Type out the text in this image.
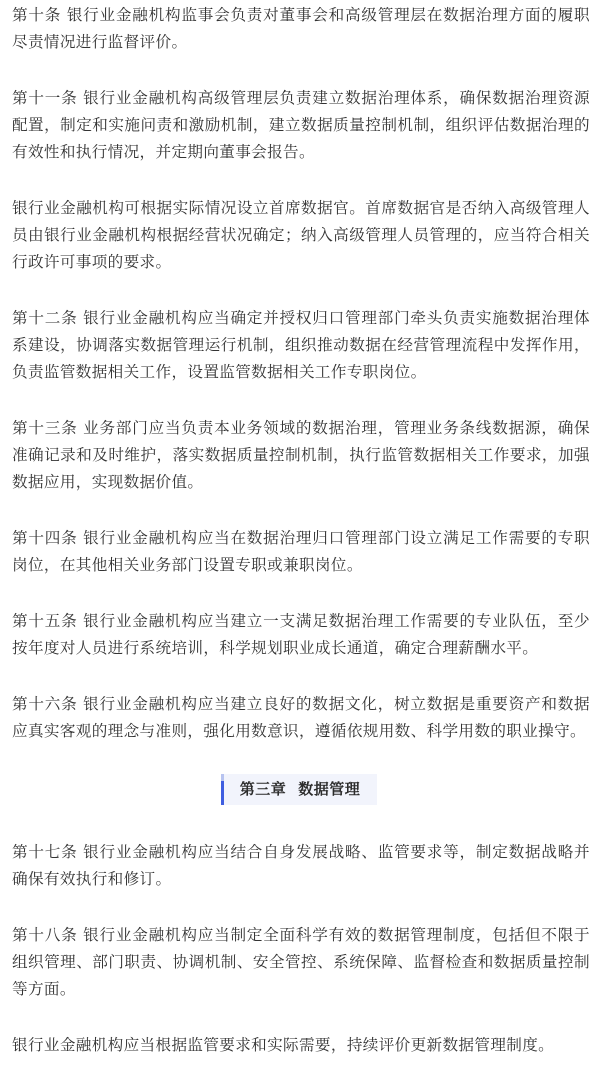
第十条 银行业金融机构监事会负责对董事会和高级管理层在数据治理方面的履职尽责情况进行监督评价。

第十一条 银行业金融机构高级管理层负责建立数据治理体系，确保数据治理资源配置，制定和实施问责和激励机制，建立数据质量控制机制，组织评估数据治理的有效性和执行情况，并定期向董事会报告。

银行业金融机构可根据实际情况设立首席数据官。首席数据官是否纳入高级管理人员由银行业金融机构根据经营状况确定；纳入高级管理人员管理的，应当符合相关行政许可事项的要求。

第十二条 银行业金融机构应当确定并授权归口管理部门牵头负责实施数据治理体系建设，协调落实数据管理运行机制，组织推动数据在经营管理流程中发挥作用，负责监管数据相关工作，设置监管数据相关工作专职岗位。

第十三条 业务部门应当负责本业务领域的数据治理，管理业务条线数据源，确保准确记录和及时维护，落实数据质量控制机制，执行监管数据相关工作要求，加强数据应用，实现数据价值。

第十四条 银行业金融机构应当在数据治理归口管理部门设立满足工作需要的专职岗位，在其他相关业务部门设置专职或兼职岗位。

第十五条 银行业金融机构应当建立一支满足数据治理工作需要的专业队伍，至少按年度对人员进行系统培训，科学规划职业成长通道，确定合理薪酬水平。

第十六条 银行业金融机构应当建立良好的数据文化，树立数据是重要资产和数据应真实客观的理念与准则，强化用数意识，遵循依规用数、科学用数的职业操守。

第三章 数据管理

第十七条 银行业金融机构应当结合自身发展战略、监管要求等，制定数据战略并确保有效执行和修订。

第十八条 银行业金融机构应当制定全面科学有效的数据管理制度，包括但不限于组织管理、部门职责、协调机制、安全管控、系统保障、监督检查和数据质量控制等方面。

银行业金融机构应当根据监管要求和实际需要，持续评价更新数据管理制度。
